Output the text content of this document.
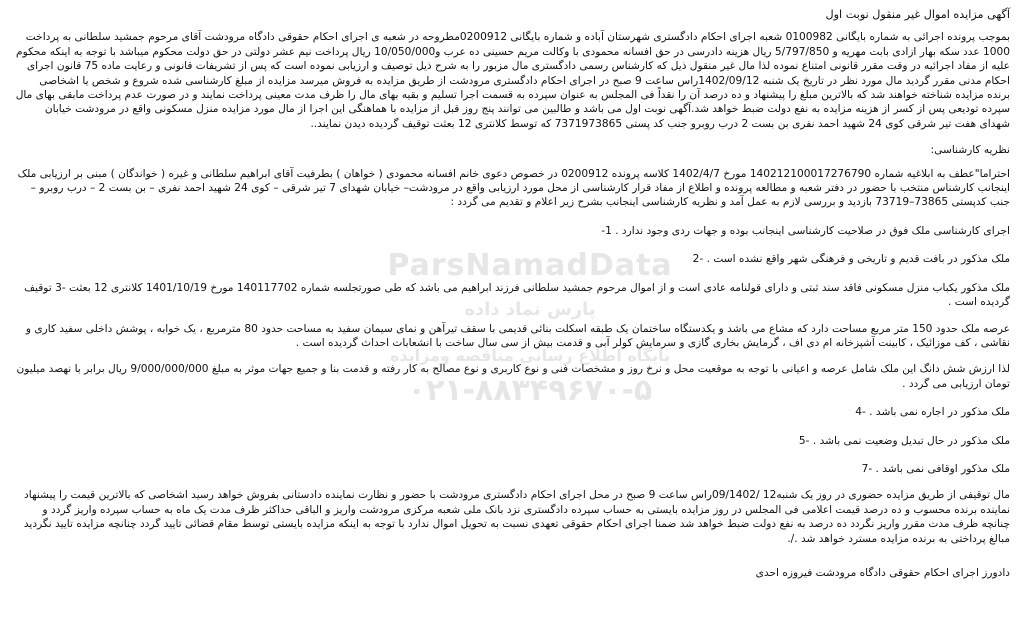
آگهی مزایده اموال غیر منقول نوبت اول

بموجب پرونده اجرائی به شماره بایگانی 0100982 شعبه اجرای احکام دادگستری شهرستان آباده و شماره بایگانی 0200912مطروحه در شعبه ی اجرای احکام حقوقی دادگاه مرودشت آقای مرحوم جمشید سلطانی به پرداخت 1000 عدد سکه بهار ازادی بابت مهریه و 5/797/850 ریال هزینه دادرسی در حق افسانه محمودی با وکالت مریم حسینی ده عرب و10/050/000 ریال پرداخت نیم عشر دولتی در حق دولت محکوم میباشد با توجه به اینکه محکوم علیه از مفاد اجرائیه در وقت مقرر قانونی امتناع نموده لذا مال غیر منقول ذیل که کارشناس رسمی دادگستری مال مزبور را به شرح ذیل توصیف و ارزیابی نموده است که پس از تشریفات قانونی و رعایت ماده 75 قانون اجرای احکام مدنی مقرر گردید مال مورد نظر در تاریخ یک شنبه 1402/09/12راس ساعت 9 صبح در اجرای احکام دادگستری مرودشت از طریق مزایده به فروش میرسد مزایده از مبلغ کارشناسی شده شروع و شخص یا اشخاصی برنده مزایده شناخته خواهند شد که بالاترین مبلغ را پیشنهاد و ده درصد آن را نقداً فی المجلس به عنوان سپرده به قسمت اجرا تسلیم و بقیه بهای مال را ظرف مدت معینی پرداخت نمایند و در صورت عدم پرداخت مابقی بهای مال سپرده تودیعی پس از کسر از هزینه مزایده به نفع دولت ضبط خواهد شد.آگهی نوبت اول می باشد و طالبین می توانند پنج روز قبل از مزایده با هماهنگی این اجرا از مال مورد مزایده منزل مسکونی واقع در مرودشت خیابان شهدای هفت تیر شرقی کوی 24 شهید احمد نفری بن بست 2 درب روبرو جنب کد پستی 7371973865 که توسط کلانتری 12 بعثت توقیف گردیده دیدن نمایند..

نظریه کارشناسی:

احتراما"عطف به ابلاغیه شماره 140212100017276790 مورخ 1402/4/7 کلاسه پرونده 0200912 در خصوص دعوی خانم افسانه محمودی ( خواهان ) بطرفیت آقای ابراهیم سلطانی و غیره ( خواندگان ) مبنی بر ارزیابی ملک اینجانب کارشناس منتخب با حضور در دفتر شعبه و مطالعه پرونده و اطلاع از مفاد قرار کارشناسی از محل مورد ارزیابی واقع در مرودشت– خیابان شهدای 7 تیر شرقی – کوی 24 شهید احمد نفری – بن بست 2 – درب روبرو – جنب کدپستی 73865–73719 بازدید و بررسی لازم به عمل آمد و نظریه کارشناسی اینجانب بشرح زیر اعلام و تقدیم می گردد :

اجرای کارشناسی ملک فوق در صلاحیت کارشناسی اینجانب بوده و جهات ردی وجود ندارد . 1-

ملک مذکور در بافت قدیم و تاریخی و فرهنگی شهر واقع نشده است . -2

ملک مذکور یکباب منزل مسکونی فاقد سند ثبتی و دارای قولنامه عادی است و از اموال مرحوم جمشید سلطانی فرزند ابراهیم می باشد که طی صورتجلسه شماره 140117702 مورخ 1401/10/19 کلانتری 12 بعثت -3 توقیف گردیده است .

عرصه ملک حدود 150 متر مربع مساحت دارد که مشاع می باشد و یکدستگاه ساختمان یک طبقه اسکلت بنائی قدیمی با سقف تیرآهن و نمای سیمان سفید به مساحت حدود 80 مترمربع ، یک خوابه ، پوشش داخلی سفید کاری و نقاشی ، کف موزائیک ، کابینت آشپزخانه ام دی اف ، گرمایش بخاری گازی و سرمایش کولر آبی و قدمت بیش از سی سال ساخت با انشعابات احداث گردیده است .

لذا ارزش شش دانگ این ملک شامل عرصه و اعیانی با توجه به موقعیت محل و نرخ روز و مشخصات فنی و نوع کاربری و نوع مصالح به کار رفته و قدمت بنا و جمیع جهات موثر به مبلغ 9/000/000/000 ریال برابر با نهصد میلیون تومان ارزیابی می گردد .

ملک مذکور در اجاره نمی باشد . -4

ملک مذکور در حال تبدیل وضعیت نمی باشد . -5

ملک مذکور اوقافی نمی باشد . -7

مال توقیفی از طریق مزایده حضوری در روز یک شنبه12 /09/1402راس ساعت 9 صبح در محل اجرای احکام دادگستری مرودشت با حضور و نظارت نماینده دادستانی بفروش خواهد رسید اشخاصی که بالاترین قیمت را پیشنهاد نماینده برنده محسوب و ده درصد قیمت اعلامی فی المجلس در روز مزایده بایستی به حساب سپرده دادگستری نزد بانک ملی شعبه مرکزی مرودشت واریز و الباقی حداکثر ظرف مدت یک ماه به حساب سپرده واریز گردد و چنانچه ظرف مدت مقرر واریز نگردد ده درصد به نفع دولت ضبط خواهد شد ضمنا اجرای احکام حقوقی تعهدی نسبت به تحویل اموال ندارد با توجه به اینکه مزایده بایستی توسط مقام قضائی تایید گردد چنانچه مزایده تایید نگردید مبالغ پرداختی به برنده مزایده مسترد خواهد شد ./.

دادورز اجرای احکام حقوقی دادگاه مرودشت فیروزه احدی

ParsNamadData
پارس نماد داده
پایگاه اطلاع رسانی مناقصه ومزایده
۰۲۱-۸۸۳۴۹۶۷۰-۵
